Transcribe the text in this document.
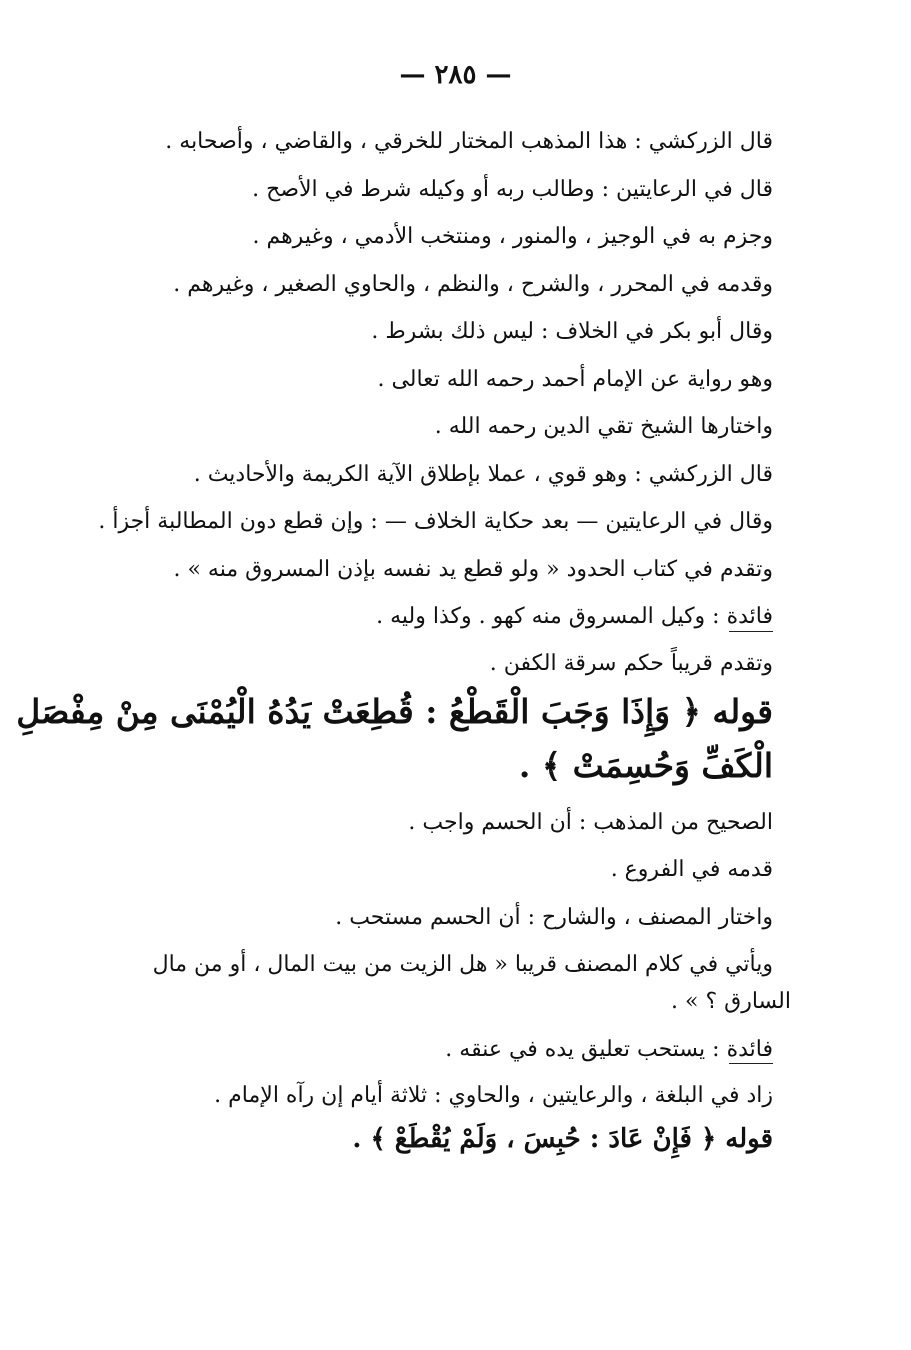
— ٢٨٥ —
قال الزركشي : هذا المذهب المختار للخرقي ، والقاضي ، وأصحابه .
قال في الرعايتين : وطالب ربه أو وكيله شرط في الأصح .
وجزم به في الوجيز ، والمنور ، ومنتخب الأدمي ، وغيرهم .
وقدمه في المحرر ، والشرح ، والنظم ، والحاوي الصغير ، وغيرهم .
وقال أبو بكر في الخلاف : ليس ذلك بشرط .
وهو رواية عن الإمام أحمد رحمه الله تعالى .
واختارها الشيخ تقي الدين رحمه الله .
قال الزركشي : وهو قوي ، عملا بإطلاق الآية الكريمة والأحاديث .
وقال في الرعايتين — بعد حكاية الخلاف — : وإن قطع دون المطالبة أجزأ .
وتقدم في كتاب الحدود « ولو قطع يد نفسه بإذن المسروق منه » .
فائدة : وكيل المسروق منه كهو . وكذا وليه .
وتقدم قريباً حكم سرقة الكفن .
قوله ﴿ وَإِذَا وَجَبَ الْقَطْعُ : قُطِعَتْ يَدُهُ الْيُمْنَى مِنْ مِفْصَلِ
الْكَفِّ وَحُسِمَتْ ﴾ .
الصحيح من المذهب : أن الحسم واجب .
قدمه في الفروع .
واختار المصنف ، والشارح : أن الحسم مستحب .
ويأتي في كلام المصنف قريبا « هل الزيت من بيت المال ، أو من مال
السارق ؟ » .
فائدة : يستحب تعليق يده في عنقه .
زاد في البلغة ، والرعايتين ، والحاوي : ثلاثة أيام إن رآه الإمام .
قوله ﴿ فَإِنْ عَادَ : حُبِسَ ، وَلَمْ يُقْطَعْ ﴾ .
